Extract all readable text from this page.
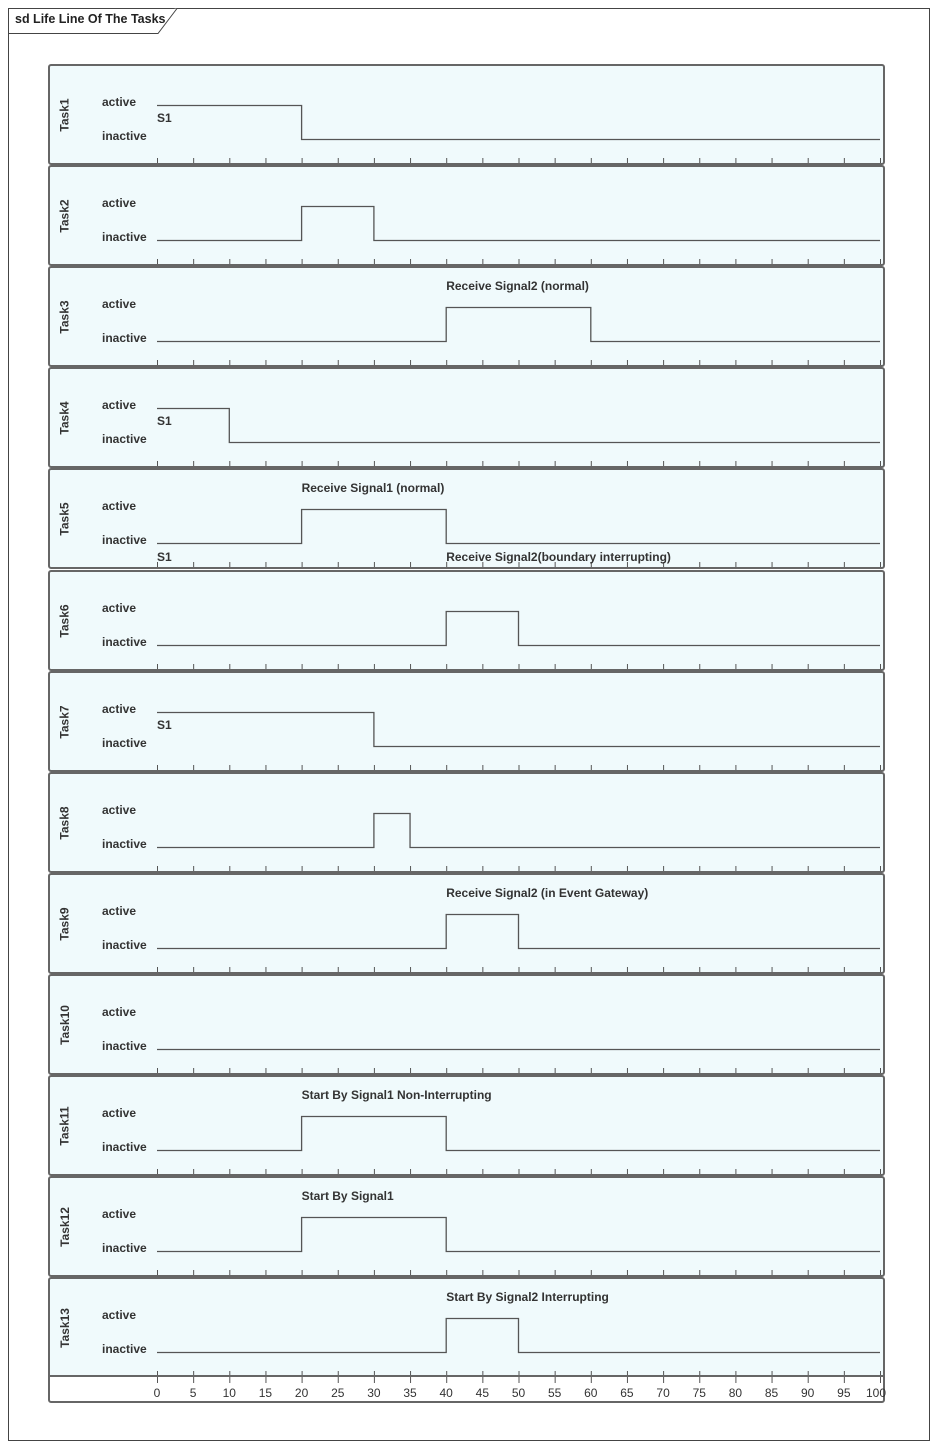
sd Life Line Of The Tasks
Task1 active
inactive
S1
Task2 active
inactive
Task3 active
inactive
Receive Signal2 (normal)
Task4 active
inactive
S1
Task5 active
inactive
Receive Signal1 (normal)
S1	Receive Signal2(boundary interrupting)
Task6 active
inactive
Task7 active
inactive
S1
Task8 active
inactive
Task9 active
inactive
Receive Signal2 (in Event Gateway)
Task10	active
inactive
Task11	active
inactive
Start By Signal1 Non-Interrupting
Task12	active
inactive
Start By Signal1
Task13	active
inactive
Start By Signal2 Interrupting
0 5 10 15 20 25 30 35 40 45 50 55 60 65 70 75 80 85 90 95 100
